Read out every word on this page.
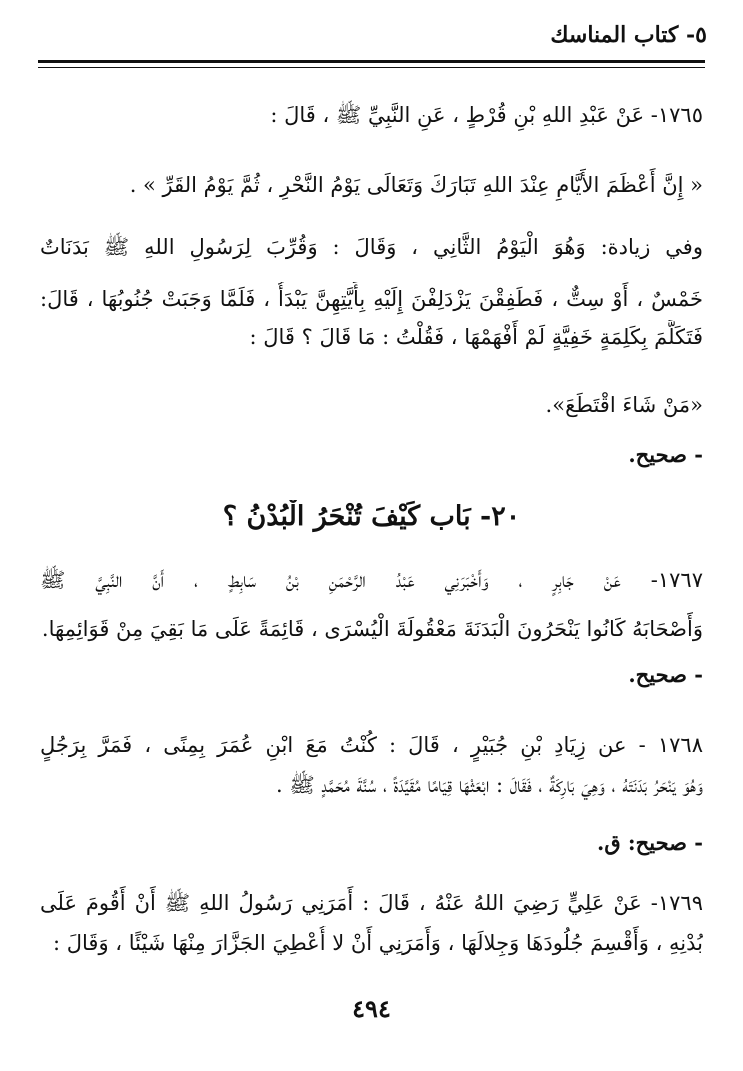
٥- كتاب المناسك
١٧٦٥- عَنْ عَبْدِ اللهِ بْنِ قُرْطٍ ، عَنِ النَّبِيِّ ﷺ ، قَالَ :
« إِنَّ أَعْظَمَ الأَيَّامِ عِنْدَ اللهِ تَبَارَكَ وَتَعَالَى يَوْمُ النَّحْرِ ، ثُمَّ يَوْمُ القَرِّ » .
وفي زيادة: وَهُوَ الْيَوْمُ الثَّانِي ، وَقَالَ : وَقُرِّبَ لِرَسُولِ اللهِ ﷺ بَدَنَاتٌ
خَمْسٌ ، أَوْ سِتٌّ ، فَطَفِقْنَ يَزْدَلِفْنَ إِلَيْهِ بِأَيَّتِهِنَّ يَبْدَأُ ، فَلَمَّا وَجَبَتْ جُنُوبُهَا ، قَالَ:
فَتَكَلَّمَ بِكَلِمَةٍ خَفِيَّةٍ لَمْ أَفْهَمْهَا ، فَقُلْتُ : مَا قَالَ ؟ قَالَ :
«مَنْ شَاءَ اقْتَطَعَ».
- صحيح.
٢٠- بَاب كَيْفَ تُنْحَرُ الْبُدْنُ ؟
١٧٦٧- عَنْ جَابِرٍ ، وَأَخْبَرَنِي عَبْدُ الرَّحْمَنِ بْنُ سَابِطٍ ، أَنَّ النَّبِيَّ ﷺ
وَأَصْحَابَهُ كَانُوا يَنْحَرُونَ الْبَدَنَةَ مَعْقُولَةَ الْيُسْرَى ، قَائِمَةً عَلَى مَا بَقِيَ مِنْ قَوَائِمِهَا.
- صحيح.
١٧٦٨ - عن زِيَادِ بْنِ جُبَيْرٍ ، قَالَ : كُنْتُ مَعَ ابْنِ عُمَرَ بِمِنًى ، فَمَرَّ بِرَجُلٍ
وَهُوَ يَنْحَرُ بَدَنَتَهُ ، وَهِيَ بَارِكَةٌ ، فَقَالَ : ابْعَثْهَا قِيَامًا مُقَيَّدَةً ، سُنَّةَ مُحَمَّدٍ ﷺ .
- صحيح: ق.
١٧٦٩- عَنْ عَلِيٍّ رَضِيَ اللهُ عَنْهُ ، قَالَ : أَمَرَنِي رَسُولُ اللهِ ﷺ أَنْ أَقُومَ عَلَى
بُدْنِهِ ، وَأَقْسِمَ جُلُودَهَا وَجِلالَهَا ، وَأَمَرَنِي أَنْ لا أُعْطِيَ الجَزَّارَ مِنْهَا شَيْئًا ، وَقَالَ :
٤٩٤
